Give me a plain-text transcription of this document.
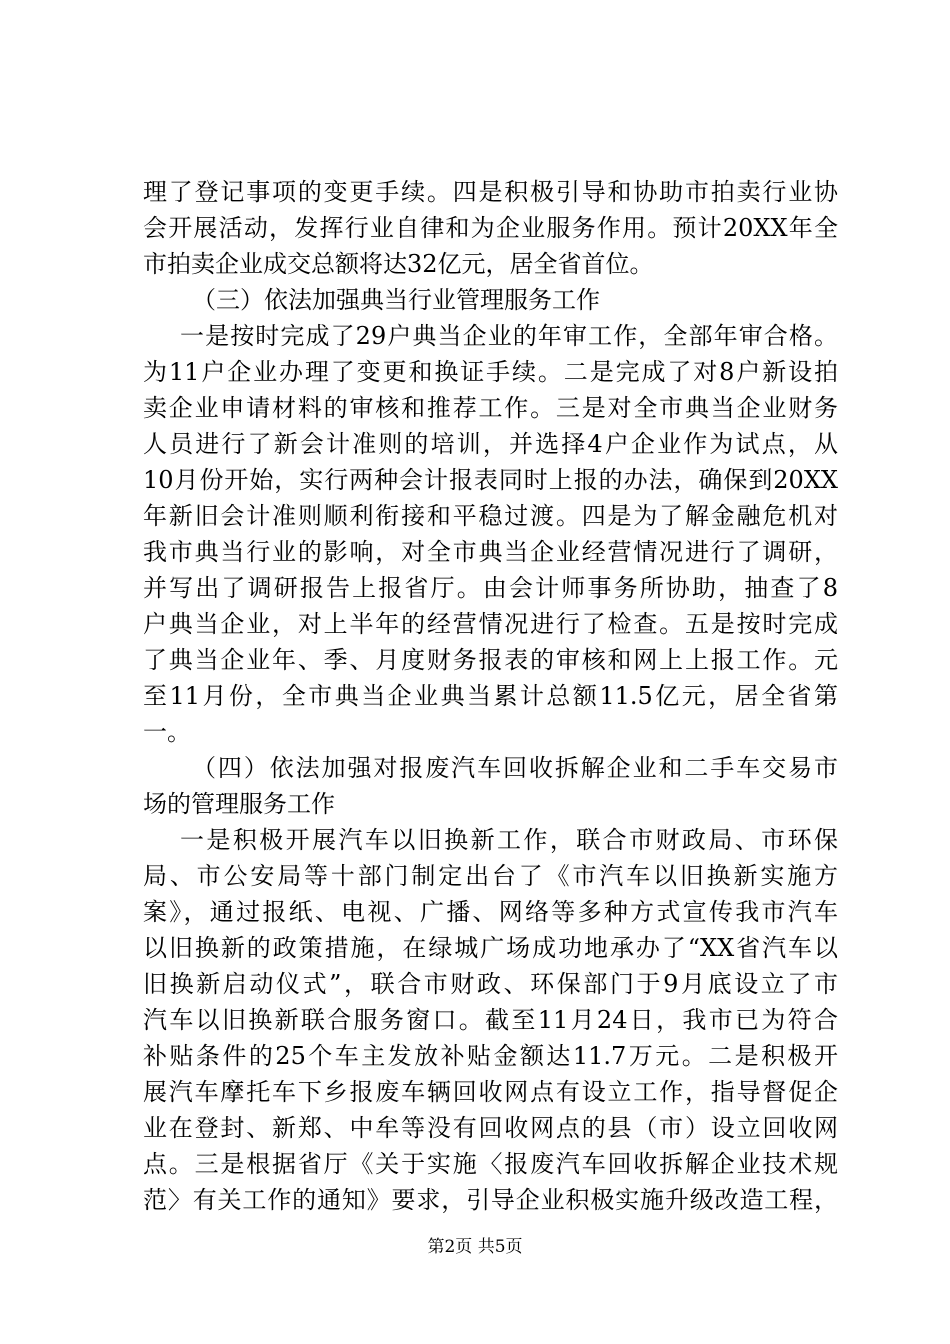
理了登记事项的变更手续。四是积极引导和协助市拍卖行业协
会开展活动，发挥行业自律和为企业服务作用。预计20XX年全
市拍卖企业成交总额将达32亿元，居全省首位。
（三）依法加强典当行业管理服务工作
一是按时完成了29户典当企业的年审工作，全部年审合格。
为11户企业办理了变更和换证手续。二是完成了对8户新设拍
卖企业申请材料的审核和推荐工作。三是对全市典当企业财务
人员进行了新会计准则的培训，并选择4户企业作为试点，从
10月份开始，实行两种会计报表同时上报的办法，确保到20XX
年新旧会计准则顺利衔接和平稳过渡。四是为了解金融危机对
我市典当行业的影响，对全市典当企业经营情况进行了调研，
并写出了调研报告上报省厅。由会计师事务所协助，抽查了8
户典当企业，对上半年的经营情况进行了检查。五是按时完成
了典当企业年、季、月度财务报表的审核和网上上报工作。元
至11月份，全市典当企业典当累计总额11.5亿元，居全省第
一。
（四）依法加强对报废汽车回收拆解企业和二手车交易市
场的管理服务工作
一是积极开展汽车以旧换新工作，联合市财政局、市环保
局、市公安局等十部门制定出台了《市汽车以旧换新实施方
案》，通过报纸、电视、广播、网络等多种方式宣传我市汽车
以旧换新的政策措施，在绿城广场成功地承办了“XX省汽车以
旧换新启动仪式”，联合市财政、环保部门于9月底设立了市
汽车以旧换新联合服务窗口。截至11月24日，我市已为符合
补贴条件的25个车主发放补贴金额达11.7万元。二是积极开
展汽车摩托车下乡报废车辆回收网点有设立工作，指导督促企
业在登封、新郑、中牟等没有回收网点的县（市）设立回收网
点。三是根据省厅《关于实施〈报废汽车回收拆解企业技术规
范〉有关工作的通知》要求，引导企业积极实施升级改造工程，
第2页 共5页
